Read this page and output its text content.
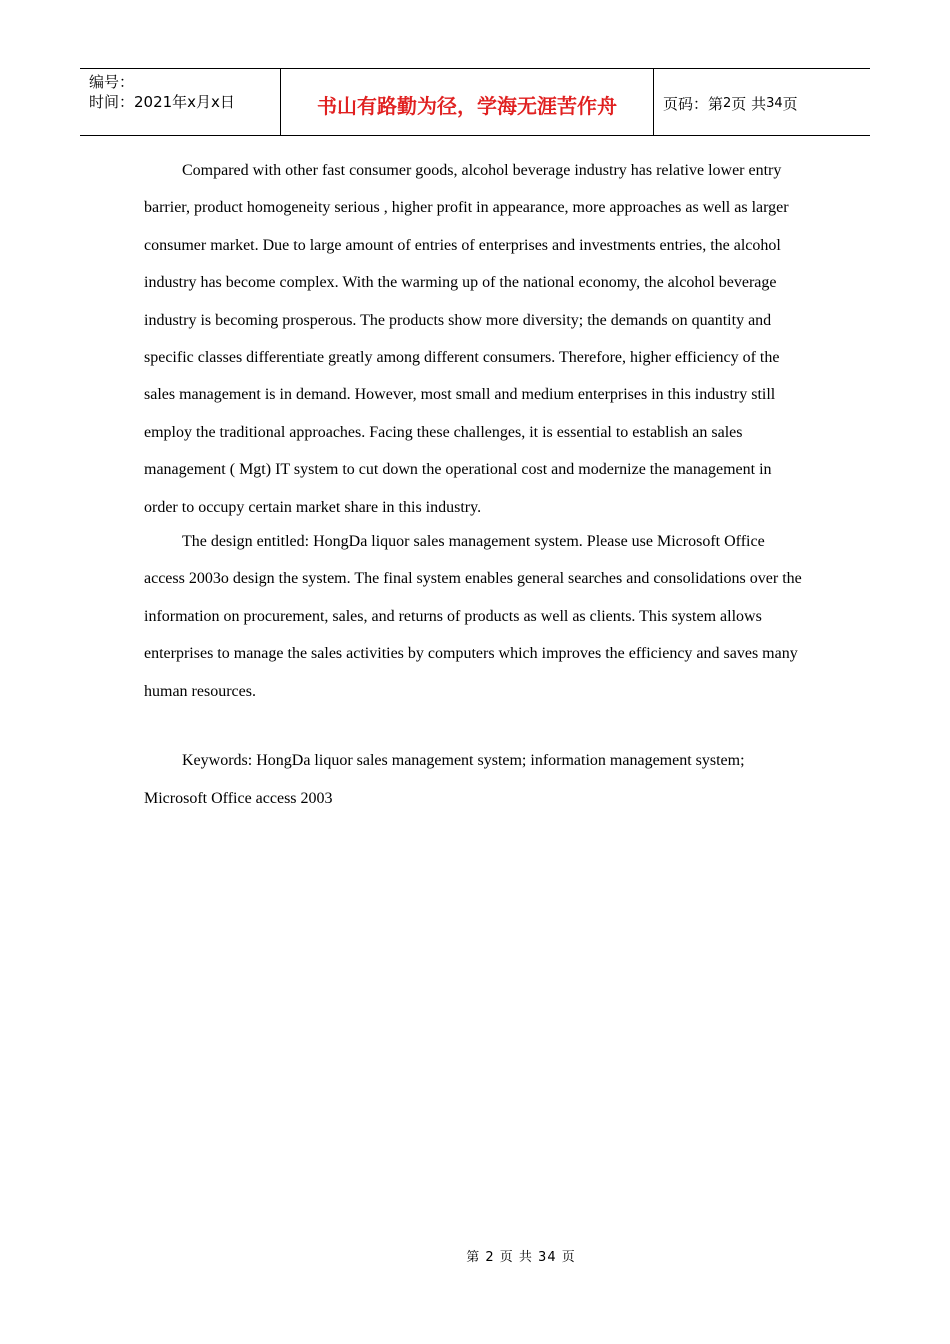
编号：
时间：2021年x月x日	书山有路勤为径，学海无涯苦作舟	页码：第 2 页 共 34 页

Compared with other fast consumer goods, alcohol beverage industry has relative lower entry barrier, product homogeneity serious , higher profit in appearance, more approaches as well as larger consumer market. Due to large amount of entries of enterprises and investments entries, the alcohol industry has become complex. With the warming up of the national economy, the alcohol beverage industry is becoming prosperous. The products show more diversity; the demands on quantity and specific classes differentiate greatly among different consumers. Therefore, higher efficiency of the sales management is in demand. However, most small and medium enterprises in this industry still employ the traditional approaches. Facing these challenges, it is essential to establish an sales management ( Mgt) IT system to cut down the operational cost and modernize the management in order to occupy certain market share in this industry.

The design entitled: HongDa liquor sales management system. Please use Microsoft Office access 2003o design the system. The final system enables general searches and consolidations over the information on procurement, sales, and returns of products as well as clients. This system allows enterprises to manage the sales activities by computers which improves the efficiency and saves many human resources.

Keywords: HongDa liquor sales management system; information management system; Microsoft Office access 2003

第 2 页 共 34 页
